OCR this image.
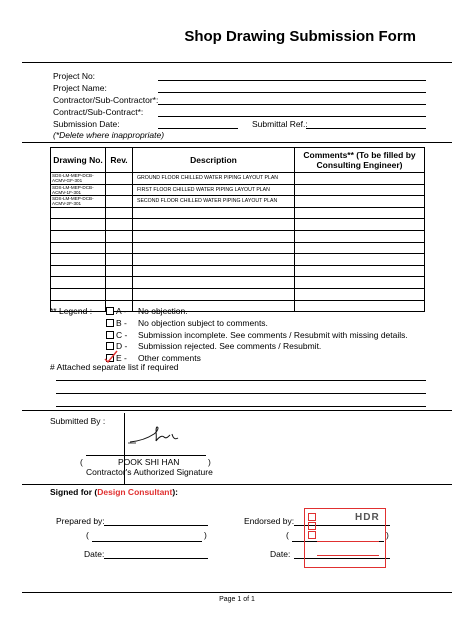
Shop Drawing Submission Form
Project No:
Project Name:
Contractor/Sub-Contractor*:
Contract/Sub-Contract*:
Submission Date:	Submittal Ref.:
(*Delete where inappropriate)
Drawing No.	Rev.	Description	Comments** (To be filled by Consulting Engineer)
SDS-LM-MEP-DCB-
ACMV-GF-301		GROUND FLOOR CHILLED WATER PIPING LAYOUT PLAN	
SDS-LM-MEP-DCB-
ACMV-1F-301		FIRST FLOOR CHILLED WATER PIPING LAYOUT PLAN	
SDS-LM-MEP-DCB-
ACMV-2F-301		SECOND FLOOR CHILLED WATER PIPING LAYOUT PLAN	

** Legend :	A - No objection.
B - No objection subject to comments.
C - Submission incomplete. See comments / Resubmit with missing details.
D - Submission rejected. See comments / Resubmit.
E - Other comments
# Attached separate list if required
Submitted By :
(	POOK SHI HAN	)
Contractor's Authorized Signature
Signed for (Design Consultant):
Prepared by:
(	)
Date:
Endorsed by:
(	)
Date:
HDR
Page 1 of 1
